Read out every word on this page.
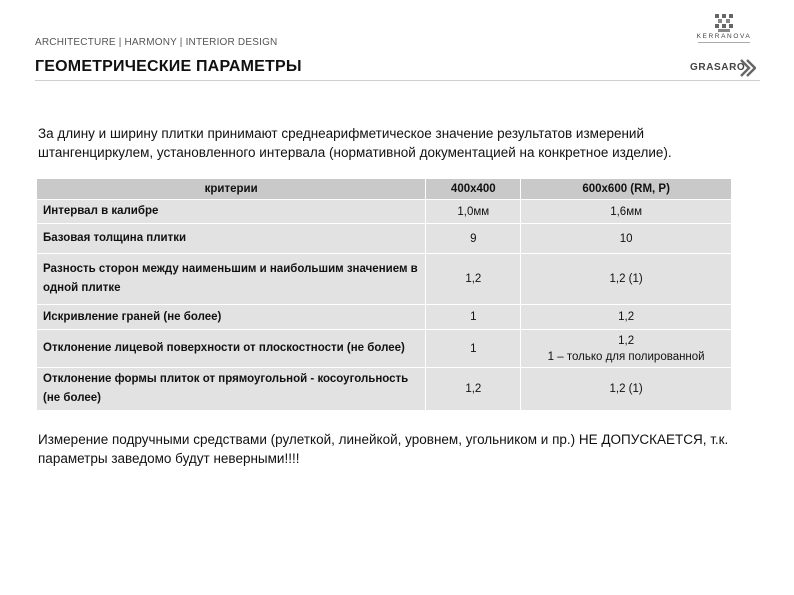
ARCHITECTURE | HARMONY | INTERIOR DESIGN
ГЕОМЕТРИЧЕСКИЕ ПАРАМЕТРЫ
KERRANOVA
GRASARO
За длину и ширину плитки принимают среднеарифметическое значение результатов измерений штангенциркулем, установленного интервала (нормативной документацией на конкретное изделие).
критерии	400x400	600x600 (RM, P)
Интервал в калибре	1,0мм	1,6мм
Базовая толщина плитки	9	10
Разность сторон между наименьшим и наибольшим значением в одной плитке	1,2	1,2 (1)
Искривление граней (не более)	1	1,2
Отклонение лицевой поверхности от плоскостности (не более)	1	1,2
1 – только для полированной

Отклонение формы плиток от прямоугольной - косоугольность (не более)	1,2	1,2 (1)
Измерение подручными средствами (рулеткой, линейкой, уровнем, угольником и пр.) НЕ ДОПУСКАЕТСЯ, т.к. параметры заведомо будут неверными!!!!
